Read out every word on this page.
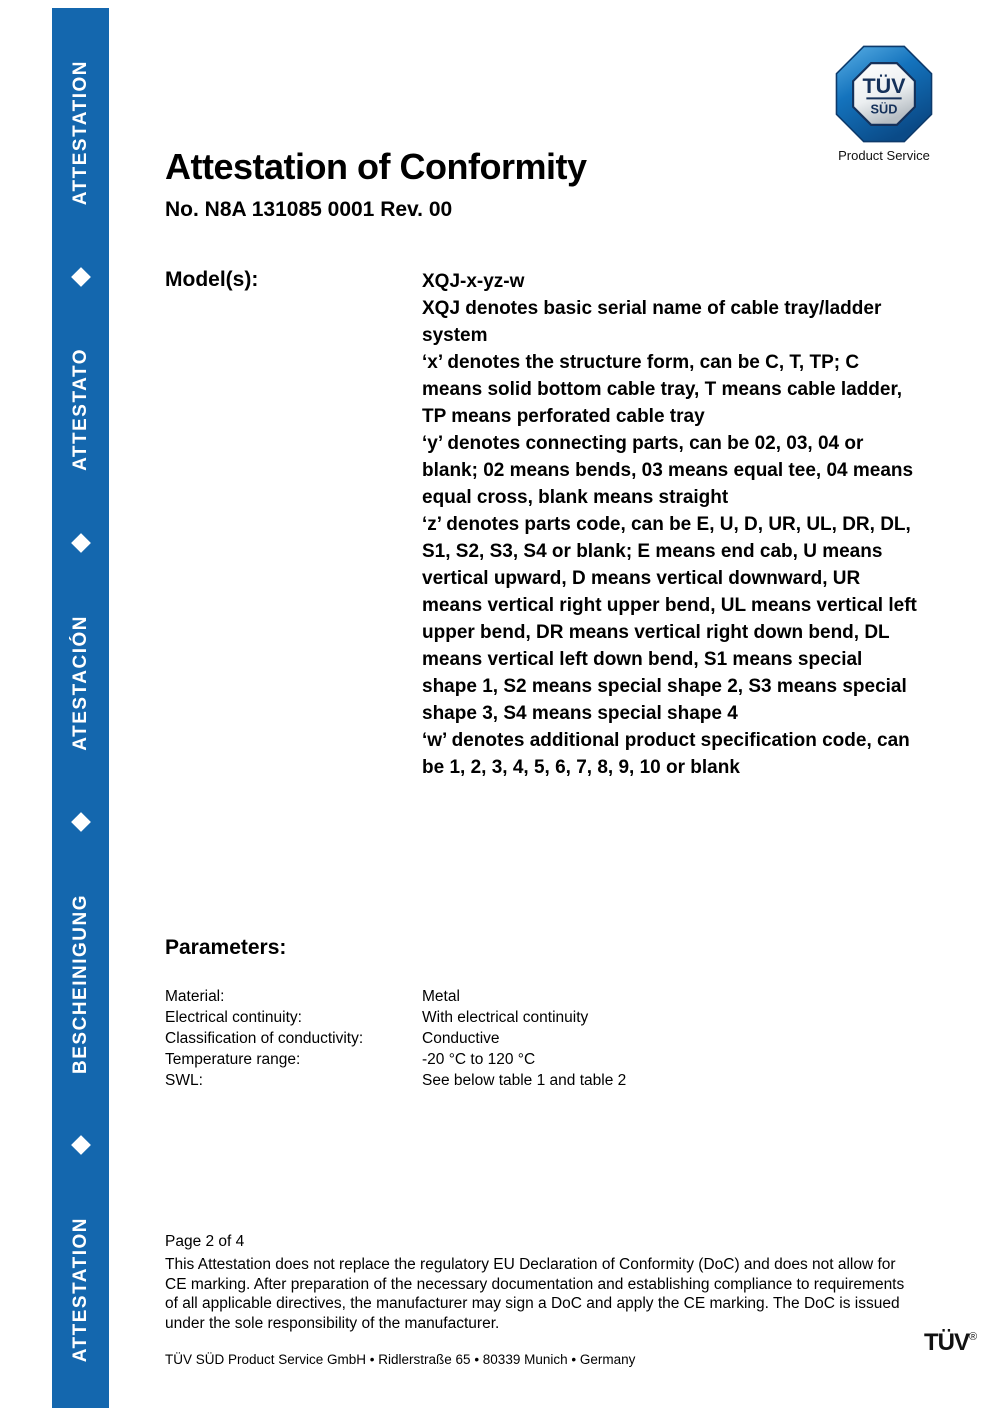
ATTESTATION
ATTESTATO
ATESTACIÓN
BESCHEINIGUNG
ATTESTATION
TÜV
SÜD
Product Service
Attestation of Conformity
No. N8A 131085 0001 Rev. 00
Model(s):	XQJ-x-yz-w

XQJ denotes basic serial name of cable tray/ladder system

‘x’ denotes the structure form, can be C, T, TP; C means solid bottom cable tray, T means cable ladder, TP means perforated cable tray

‘y’ denotes connecting parts, can be 02, 03, 04 or blank; 02 means bends, 03 means equal tee, 04 means equal cross, blank means straight

‘z’ denotes parts code, can be E, U, D, UR, UL, DR, DL, S1, S2, S3, S4 or blank; E means end cab, U means vertical upward, D means vertical downward, UR means vertical right upper bend, UL means vertical left upper bend, DR means vertical right down bend, DL means vertical left down bend, S1 means special shape 1, S2 means special shape 2, S3 means special shape 3, S4 means special shape 4

‘w’ denotes additional product specification code, can be 1, 2, 3, 4, 5, 6, 7, 8, 9, 10 or blank

Parameters:
Material:	Metal
Electrical continuity:	With electrical continuity
Classification of conductivity:	Conductive
Temperature range:	-20 °C to 120 °C
SWL:	See below table 1 and table 2
Page 2 of 4

This Attestation does not replace the regulatory EU Declaration of Conformity (DoC) and does not allow for CE marking. After preparation of the necessary documentation and establishing compliance to requirements of all applicable directives, the manufacturer may sign a DoC and apply the CE marking. The DoC is issued under the sole responsibility of the manufacturer.

TÜV SÜD Product Service GmbH • Ridlerstraße 65 • 80339 Munich • Germany
TÜV®
